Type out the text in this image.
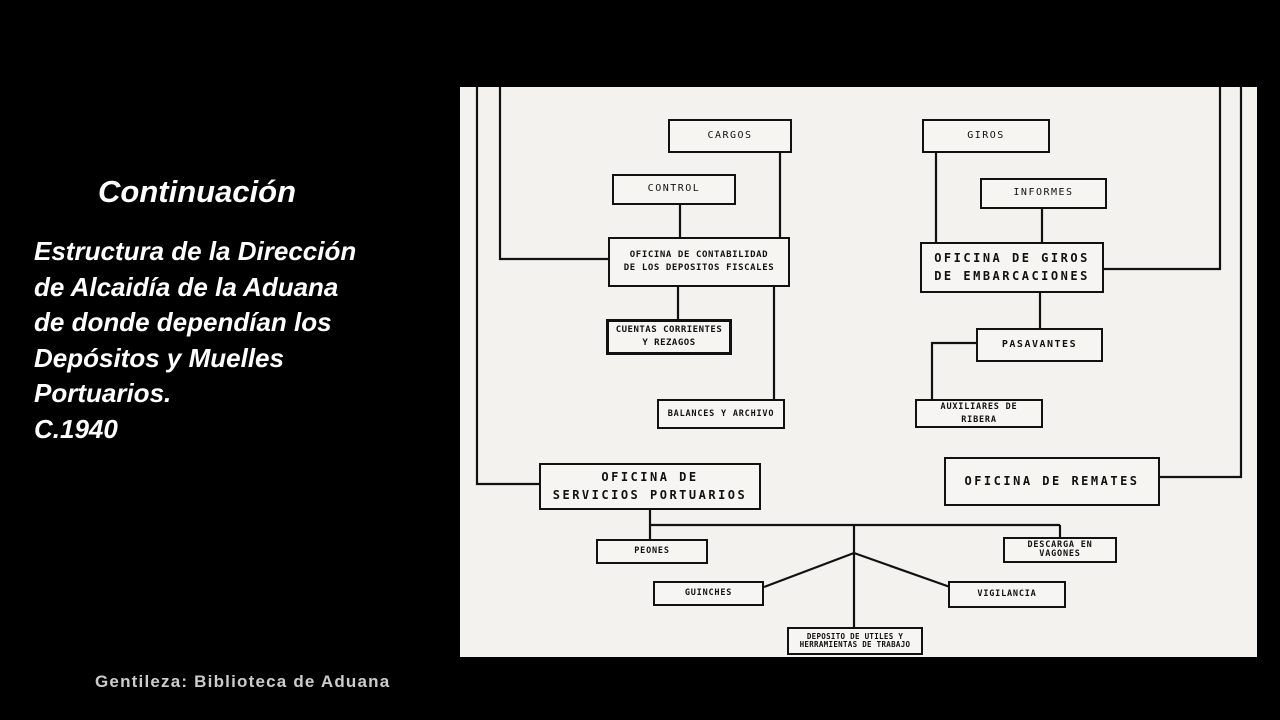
Continuación
Estructura de la Dirección
de Alcaidía de la Aduana
de donde dependían los
Depósitos y Muelles
Portuarios.
C.1940
Gentileza: Biblioteca de Aduana
CARGOS	GIROS
CONTROL	INFORMES
OFICINA DE CONTABILIDAD
DE LOS DEPOSITOS FISCALES
OFICINA DE GIROS
DE EMBARCACIONES
CUENTAS CORRIENTES
Y REZAGOS	PASAVANTES
BALANCES Y ARCHIVO
AUXILIARES DE RIBERA
OFICINA DE
SERVICIOS PORTUARIOS
OFICINA DE REMATES
PEONES
DESCARGA EN
VAGONES
GUINCHES	VIGILANCIA
DEPOSITO DE UTILES Y
HERRAMIENTAS DE TRABAJO
